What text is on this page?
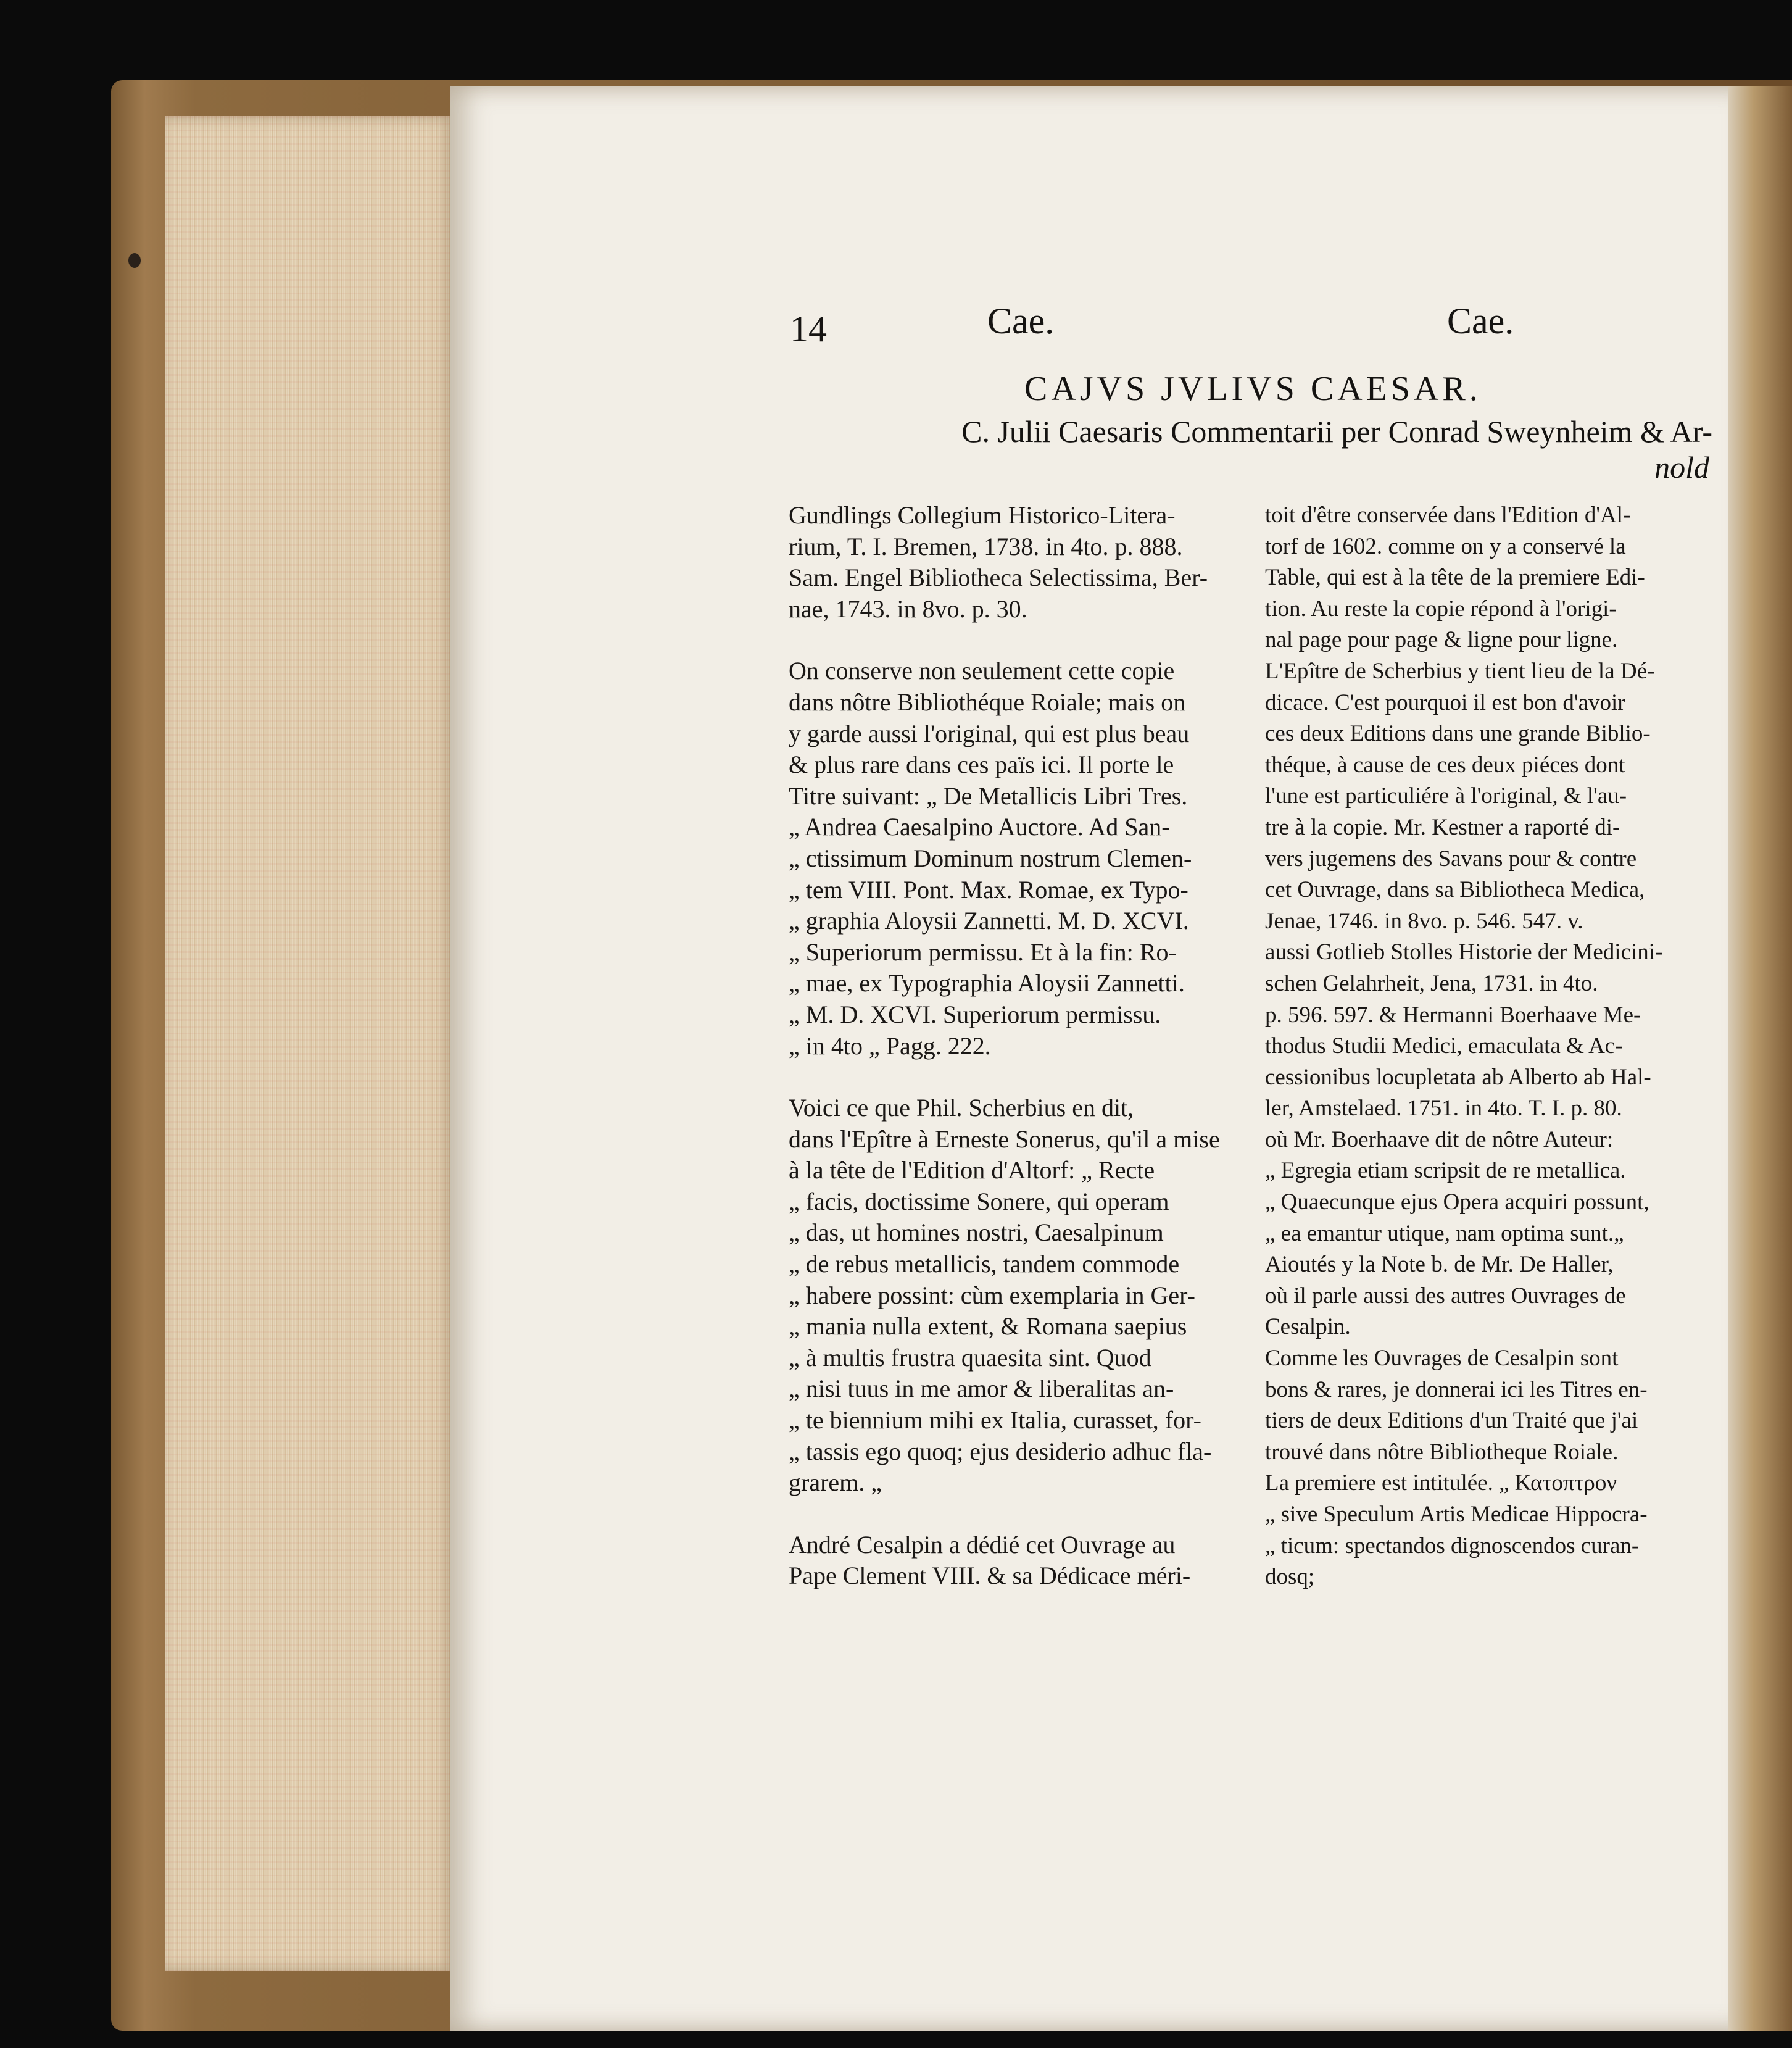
14	Cae.	Cae.
CAJVS JVLIVS CAESAR.
C. Julii Caesaris Commentarii per Conrad Sweynheim & Ar-
nold
Gundlings Collegium Historico-Litera-
rium, T. I. Bremen, 1738. in 4to. p. 888.
Sam. Engel Bibliotheca Selectissima, Ber-
nae, 1743. in 8vo. p. 30.
On conserve non seulement cette copie
dans nôtre Bibliothéque Roiale; mais on
y garde aussi l'original, qui est plus beau
& plus rare dans ces païs ici. Il porte le
Titre suivant: „ De Metallicis Libri Tres.
„ Andrea Caesalpino Auctore. Ad San-
„ ctissimum Dominum nostrum Clemen-
„ tem VIII. Pont. Max. Romae, ex Typo-
„ graphia Aloysii Zannetti. M. D. XCVI.
„ Superiorum permissu. Et à la fin: Ro-
„ mae, ex Typographia Aloysii Zannetti.
„ M. D. XCVI. Superiorum permissu.
„ in 4to „ Pagg. 222.
Voici ce que Phil. Scherbius en dit,
dans l'Epître à Erneste Sonerus, qu'il a mise
à la tête de l'Edition d'Altorf: „ Recte
„ facis, doctissime Sonere, qui operam
„ das, ut homines nostri, Caesalpinum
„ de rebus metallicis, tandem commode
„ habere possint: cùm exemplaria in Ger-
„ mania nulla extent, & Romana saepius
„ à multis frustra quaesita sint. Quod
„ nisi tuus in me amor & liberalitas an-
„ te biennium mihi ex Italia, curasset, for-
„ tassis ego quoq; ejus desiderio adhuc fla-
grarem. „
André Cesalpin a dédié cet Ouvrage au
Pape Clement VIII. & sa Dédicace méri-
toit d'être conservée dans l'Edition d'Al-
torf de 1602. comme on y a conservé la
Table, qui est à la tête de la premiere Edi-
tion. Au reste la copie répond à l'origi-
nal page pour page & ligne pour ligne.
L'Epître de Scherbius y tient lieu de la Dé-
dicace. C'est pourquoi il est bon d'avoir
ces deux Editions dans une grande Biblio-
théque, à cause de ces deux piéces dont
l'une est particuliére à l'original, & l'au-
tre à la copie. Mr. Kestner a raporté di-
vers jugemens des Savans pour & contre
cet Ouvrage, dans sa Bibliotheca Medica,
Jenae, 1746. in 8vo. p. 546. 547. v.
aussi Gotlieb Stolles Historie der Medicini-
schen Gelahrheit, Jena, 1731. in 4to.
p. 596. 597. & Hermanni Boerhaave Me-
thodus Studii Medici, emaculata & Ac-
cessionibus locupletata ab Alberto ab Hal-
ler, Amstelaed. 1751. in 4to. T. I. p. 80.
où Mr. Boerhaave dit de nôtre Auteur:
„ Egregia etiam scripsit de re metallica.
„ Quaecunque ejus Opera acquiri possunt,
„ ea emantur utique, nam optima sunt.„
Aioutés y la Note b. de Mr. De Haller,
où il parle aussi des autres Ouvrages de
Cesalpin.
Comme les Ouvrages de Cesalpin sont
bons & rares, je donnerai ici les Titres en-
tiers de deux Editions d'un Traité que j'ai
trouvé dans nôtre Bibliotheque Roiale.
La premiere est intitulée. „ Κατοπτρον
„ sive Speculum Artis Medicae Hippocra-
„ ticum: spectandos dignoscendos curan-
dosq;
